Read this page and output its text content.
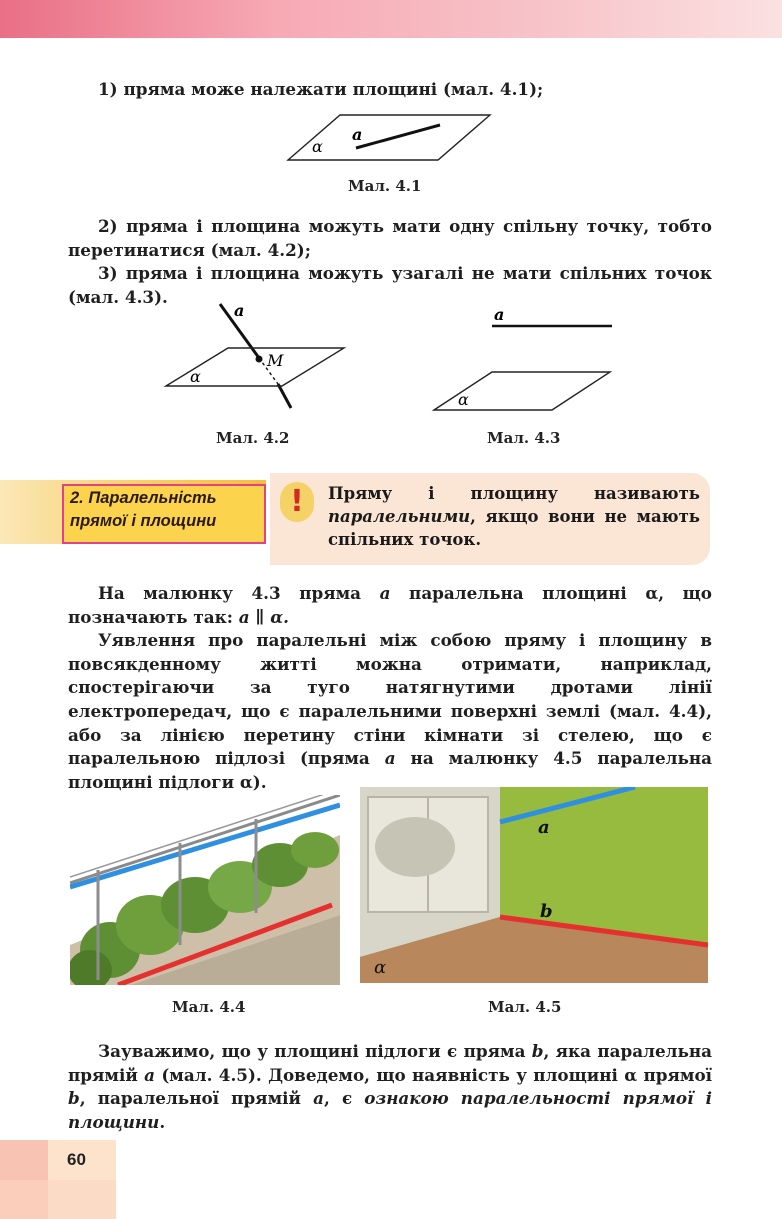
1) пряма може належати площині (мал. 4.1);

α
a
Мал. 4.1

2) пряма і площина можуть мати одну спільну точку, тобто перетинатися (мал. 4.2);

3) пряма і площина можуть узагалі не мати спільних точок (мал. 4.3).

a
M
α
Мал. 4.2
a
α
Мал. 4.3
2. Паралельність
прямої і площини
!	Пряму і площину називають паралельними, якщо вони не мають спільних точок.

На малюнку 4.3 пряма a паралельна площині α, що позначають так: a ∥ α.

Уявлення про паралельні між собою пряму і площину в повсякденному житті можна отримати, наприклад, спостерігаючи за туго натягнутими дротами лінії електропередач, що є паралельними поверхні землі (мал. 4.4), або за лінією перетину стіни кімнати зі стелею, що є паралельною підлозі (пряма a на малюнку 4.5 паралельна площині підлоги α).

Мал. 4.4
a
b
α
Мал. 4.5

Зауважимо, що у площині підлоги є пряма b, яка паралельна прямій a (мал. 4.5). Доведемо, що наявність у площині α прямої b, паралельної прямій a, є ознакою паралельності прямої і площини.

60
